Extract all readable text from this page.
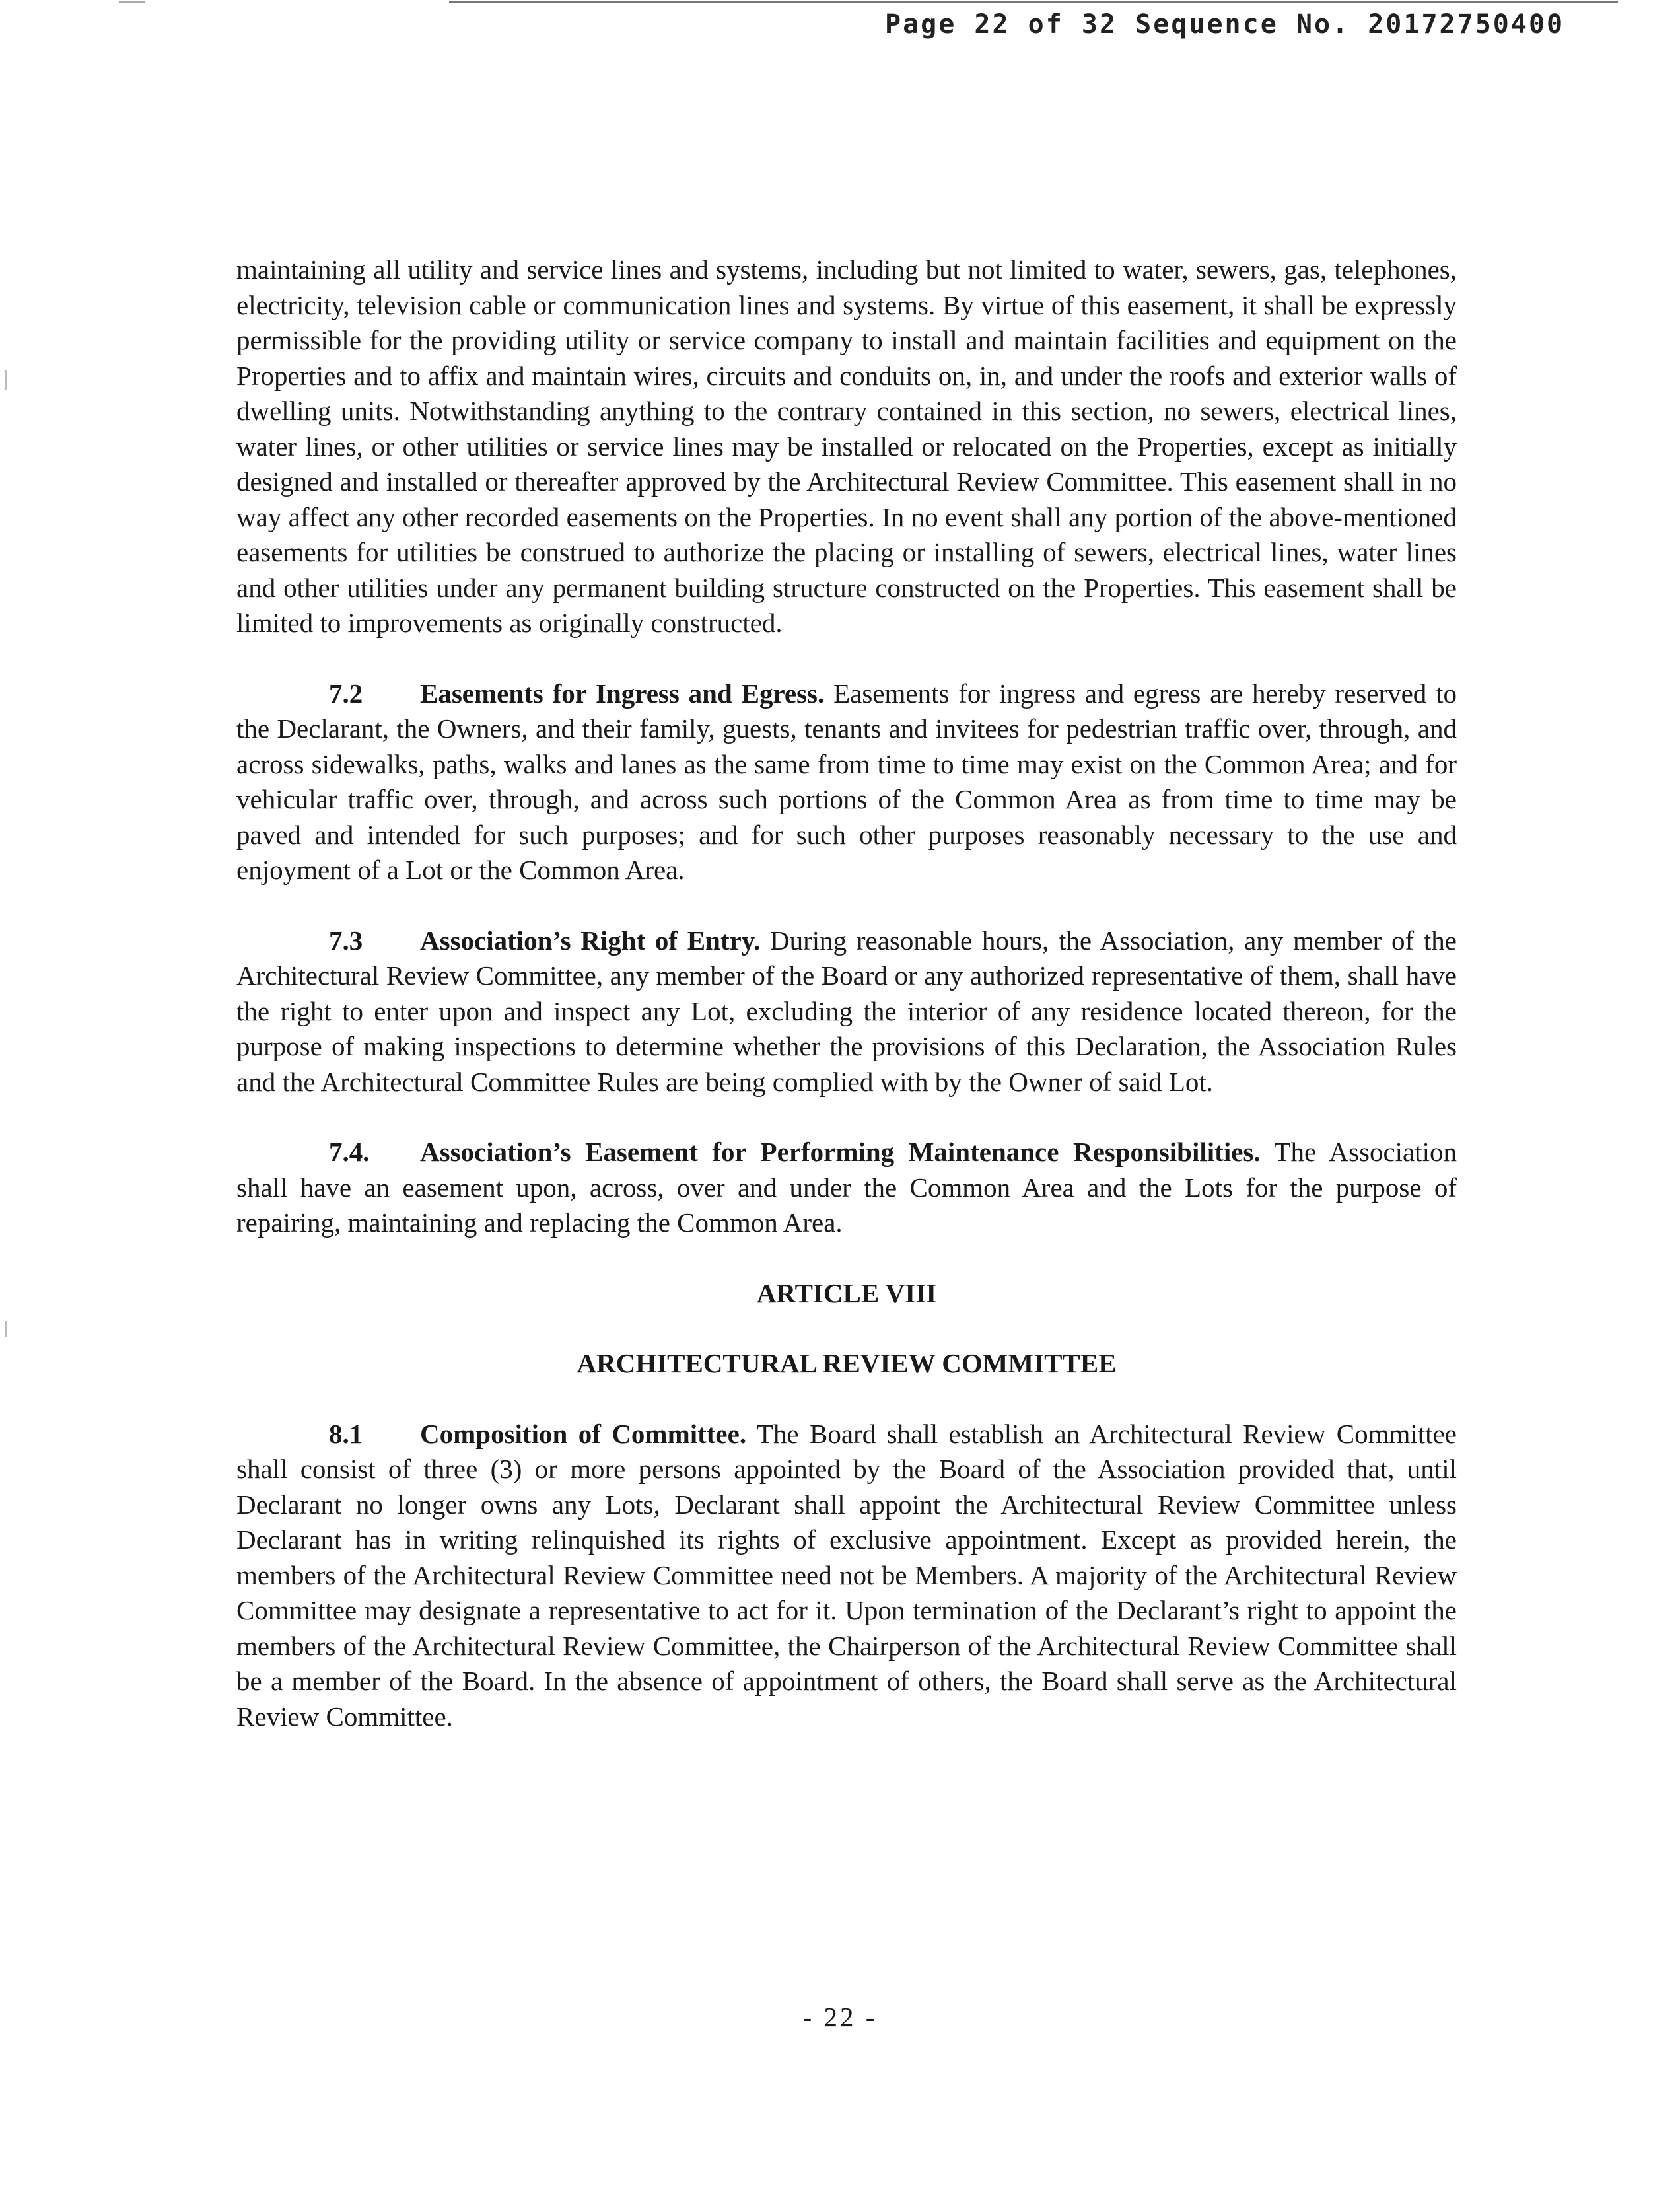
Page 22 of 32 Sequence No. 20172750400

maintaining all utility and service lines and systems, including but not limited to water, sewers, gas, telephones, electricity, television cable or communication lines and systems. By virtue of this easement, it shall be expressly permissible for the providing utility or service company to install and maintain facilities and equipment on the Properties and to affix and maintain wires, circuits and conduits on, in, and under the roofs and exterior walls of dwelling units. Notwithstanding anything to the contrary contained in this section, no sewers, electrical lines, water lines, or other utilities or service lines may be installed or relocated on the Properties, except as initially designed and installed or thereafter approved by the Architectural Review Committee. This easement shall in no way affect any other recorded easements on the Properties. In no event shall any portion of the above-mentioned easements for utilities be construed to authorize the placing or installing of sewers, electrical lines, water lines and other utilities under any permanent building structure constructed on the Properties. This easement shall be limited to improvements as originally constructed.

7.2 Easements for Ingress and Egress. Easements for ingress and egress are hereby reserved to the Declarant, the Owners, and their family, guests, tenants and invitees for pedestrian traffic over, through, and across sidewalks, paths, walks and lanes as the same from time to time may exist on the Common Area; and for vehicular traffic over, through, and across such portions of the Common Area as from time to time may be paved and intended for such purposes; and for such other purposes reasonably necessary to the use and enjoyment of a Lot or the Common Area.

7.3 Association’s Right of Entry. During reasonable hours, the Association, any member of the Architectural Review Committee, any member of the Board or any authorized representative of them, shall have the right to enter upon and inspect any Lot, excluding the interior of any residence located thereon, for the purpose of making inspections to determine whether the provisions of this Declaration, the Association Rules and the Architectural Committee Rules are being complied with by the Owner of said Lot.

7.4. Association’s Easement for Performing Maintenance Responsibilities. The Association shall have an easement upon, across, over and under the Common Area and the Lots for the purpose of repairing, maintaining and replacing the Common Area.

ARTICLE VIII
ARCHITECTURAL REVIEW COMMITTEE

8.1 Composition of Committee. The Board shall establish an Architectural Review Committee shall consist of three (3) or more persons appointed by the Board of the Association provided that, until Declarant no longer owns any Lots, Declarant shall appoint the Architectural Review Committee unless Declarant has in writing relinquished its rights of exclusive appointment. Except as provided herein, the members of the Architectural Review Committee need not be Members. A majority of the Architectural Review Committee may designate a representative to act for it. Upon termination of the Declarant’s right to appoint the members of the Architectural Review Committee, the Chairperson of the Architectural Review Committee shall be a member of the Board. In the absence of appointment of others, the Board shall serve as the Architectural Review Committee.

- 22 -
